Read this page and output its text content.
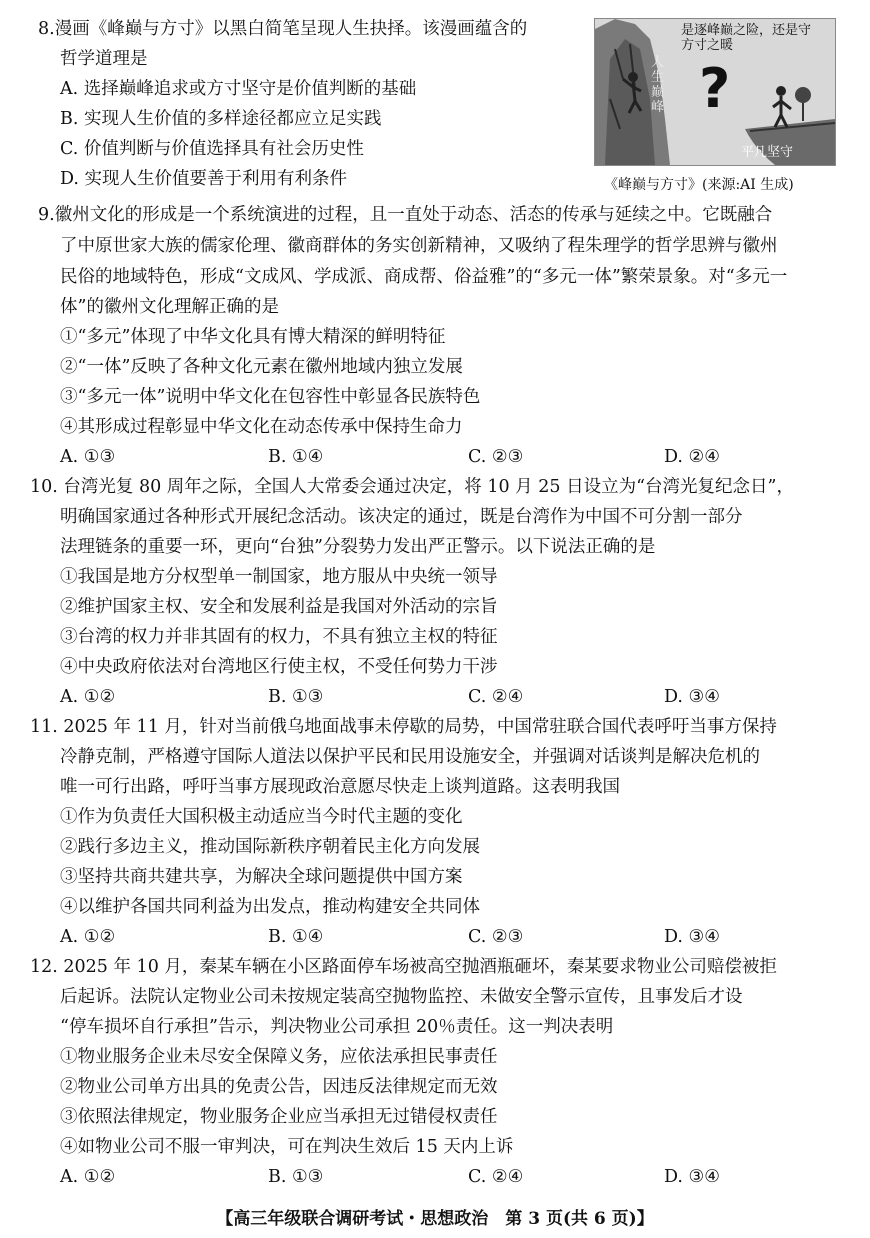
8.漫画《峰巅与方寸》以黑白简笔呈现人生抉择。该漫画蕴含的
哲学道理是
A. 选择巅峰追求或方寸坚守是价值判断的基础
B. 实现人生价值的多样途径都应立足实践
C. 价值判断与价值选择具有社会历史性
D. 实现人生价值要善于利用有利条件
?
是逐峰巅之险，还是守
方寸之暖
人生巅峰
平凡坚守
《峰巅与方寸》(来源:AI 生成)
9.徽州文化的形成是一个系统演进的过程，且一直处于动态、活态的传承与延续之中。它既融合
了中原世家大族的儒家伦理、徽商群体的务实创新精神，又吸纳了程朱理学的哲学思辨与徽州
民俗的地域特色，形成“文成风、学成派、商成帮、俗益雅”的“多元一体”繁荣景象。对“多元一
体”的徽州文化理解正确的是
①“多元”体现了中华文化具有博大精深的鲜明特征
②“一体”反映了各种文化元素在徽州地域内独立发展
③“多元一体”说明中华文化在包容性中彰显各民族特色
④其形成过程彰显中华文化在动态传承中保持生命力
A. ①③	B. ①④	C. ②③	D. ②④
10. 台湾光复 80 周年之际，全国人大常委会通过决定，将 10 月 25 日设立为“台湾光复纪念日”，
明确国家通过各种形式开展纪念活动。该决定的通过，既是台湾作为中国不可分割一部分
法理链条的重要一环，更向“台独”分裂势力发出严正警示。以下说法正确的是
①我国是地方分权型单一制国家，地方服从中央统一领导
②维护国家主权、安全和发展利益是我国对外活动的宗旨
③台湾的权力并非其固有的权力，不具有独立主权的特征
④中央政府依法对台湾地区行使主权，不受任何势力干涉
A. ①②	B. ①③	C. ②④	D. ③④
11. 2025 年 11 月，针对当前俄乌地面战事未停歇的局势，中国常驻联合国代表呼吁当事方保持
冷静克制，严格遵守国际人道法以保护平民和民用设施安全，并强调对话谈判是解决危机的
唯一可行出路，呼吁当事方展现政治意愿尽快走上谈判道路。这表明我国
①作为负责任大国积极主动适应当今时代主题的变化
②践行多边主义，推动国际新秩序朝着民主化方向发展
③坚持共商共建共享，为解决全球问题提供中国方案
④以维护各国共同利益为出发点，推动构建安全共同体
A. ①②	B. ①④	C. ②③	D. ③④
12. 2025 年 10 月，秦某车辆在小区路面停车场被高空抛酒瓶砸坏，秦某要求物业公司赔偿被拒
后起诉。法院认定物业公司未按规定装高空抛物监控、未做安全警示宣传，且事发后才设
“停车损坏自行承担”告示，判决物业公司承担 20％责任。这一判决表明
①物业服务企业未尽安全保障义务，应依法承担民事责任
②物业公司单方出具的免责公告，因违反法律规定而无效
③依照法律规定，物业服务企业应当承担无过错侵权责任
④如物业公司不服一审判决，可在判决生效后 15 天内上诉
A. ①②	B. ①③	C. ②④	D. ③④
【高三年级联合调研考试・思想政治　第 3 页(共 6 页)】
